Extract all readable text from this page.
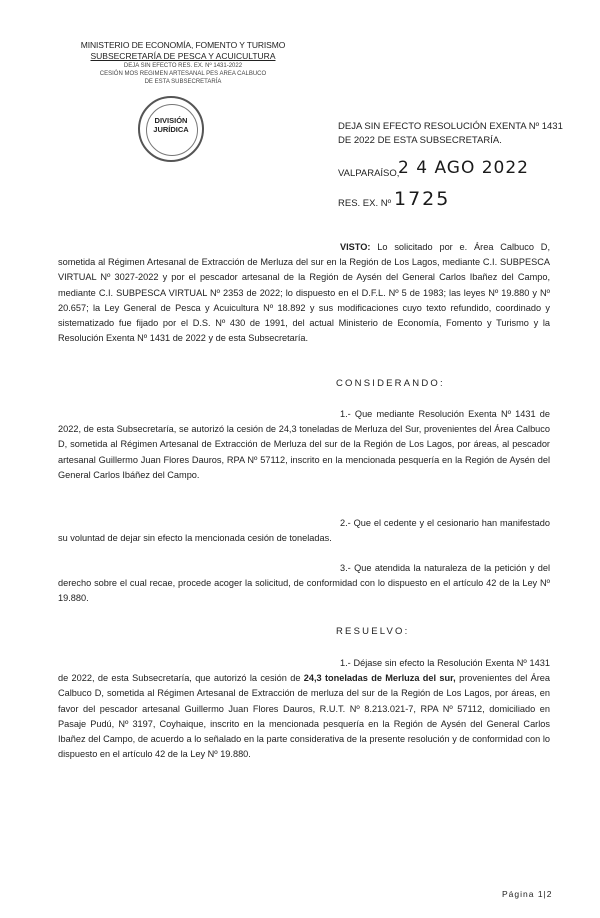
MINISTERIO DE ECONOMÍA, FOMENTO Y TURISMO
SUBSECRETARÍA DE PESCA Y ACUICULTURA
DEJA SIN EFECTO RES. EX. Nº 1431-2022
CESIÓN MOS REGIMEN ARTESANAL PES AREA CALBUCO
DE ESTA SUBSECRETARÍA
DIVISIÓN
JURÍDICA	DEJA SIN EFECTO RESOLUCIÓN EXENTA Nº 1431 DE 2022 DE ESTA SUBSECRETARÍA.
VALPARAÍSO,
2 4 AGO 2022
RES. EX. Nº 1725
VISTO: Lo solicitado por e. Área Calbuco D, sometida al Régimen Artesanal de Extracción de Merluza del sur en la Región de Los Lagos, mediante C.I. SUBPESCA VIRTUAL Nº 3027-2022 y por el pescador artesanal de la Región de Aysén del General Carlos Ibañez del Campo, mediante C.I. SUBPESCA VIRTUAL Nº 2353 de 2022; lo dispuesto en el D.F.L. Nº 5 de 1983; las leyes Nº 19.880 y Nº 20.657; la Ley General de Pesca y Acuicultura Nº 18.892 y sus modificaciones cuyo texto refundido, coordinado y sistematizado fue fijado por el D.S. Nº 430 de 1991, del actual Ministerio de Economía, Fomento y Turismo y la Resolución Exenta Nº 1431 de 2022 y de esta Subsecretaría.
CONSIDERANDO:
1.- Que mediante Resolución Exenta Nº 1431 de 2022, de esta Subsecretaría, se autorizó la cesión de 24,3 toneladas de Merluza del Sur, provenientes del Área Calbuco D, sometida al Régimen Artesanal de Extracción de Merluza del sur de la Región de Los Lagos, por áreas, al pescador artesanal Guillermo Juan Flores Dauros, RPA Nº 57112, inscrito en la mencionada pesquería en la Región de Aysén del General Carlos Ibáñez del Campo.
2.- Que el cedente y el cesionario han manifestado su voluntad de dejar sin efecto la mencionada cesión de toneladas.
3.- Que atendida la naturaleza de la petición y del derecho sobre el cual recae, procede acoger la solicitud, de conformidad con lo dispuesto en el artículo 42 de la Ley Nº 19.880.
RESUELVO:
1.- Déjase sin efecto la Resolución Exenta Nº 1431 de 2022, de esta Subsecretaría, que autorizó la cesión de 24,3 toneladas de Merluza del sur, provenientes del Área Calbuco D, sometida al Régimen Artesanal de Extracción de merluza del sur de la Región de Los Lagos, por áreas, en favor del pescador artesanal Guillermo Juan Flores Dauros, R.U.T. Nº 8.213.021-7, RPA Nº 57112, domiciliado en Pasaje Pudú, Nº 3197, Coyhaique, inscrito en la mencionada pesquería en la Región de Aysén del General Carlos Ibañez del Campo, de acuerdo a lo señalado en la parte considerativa de la presente resolución y de conformidad con lo dispuesto en el artículo 42 de la Ley Nº 19.880.
Página 1|2
